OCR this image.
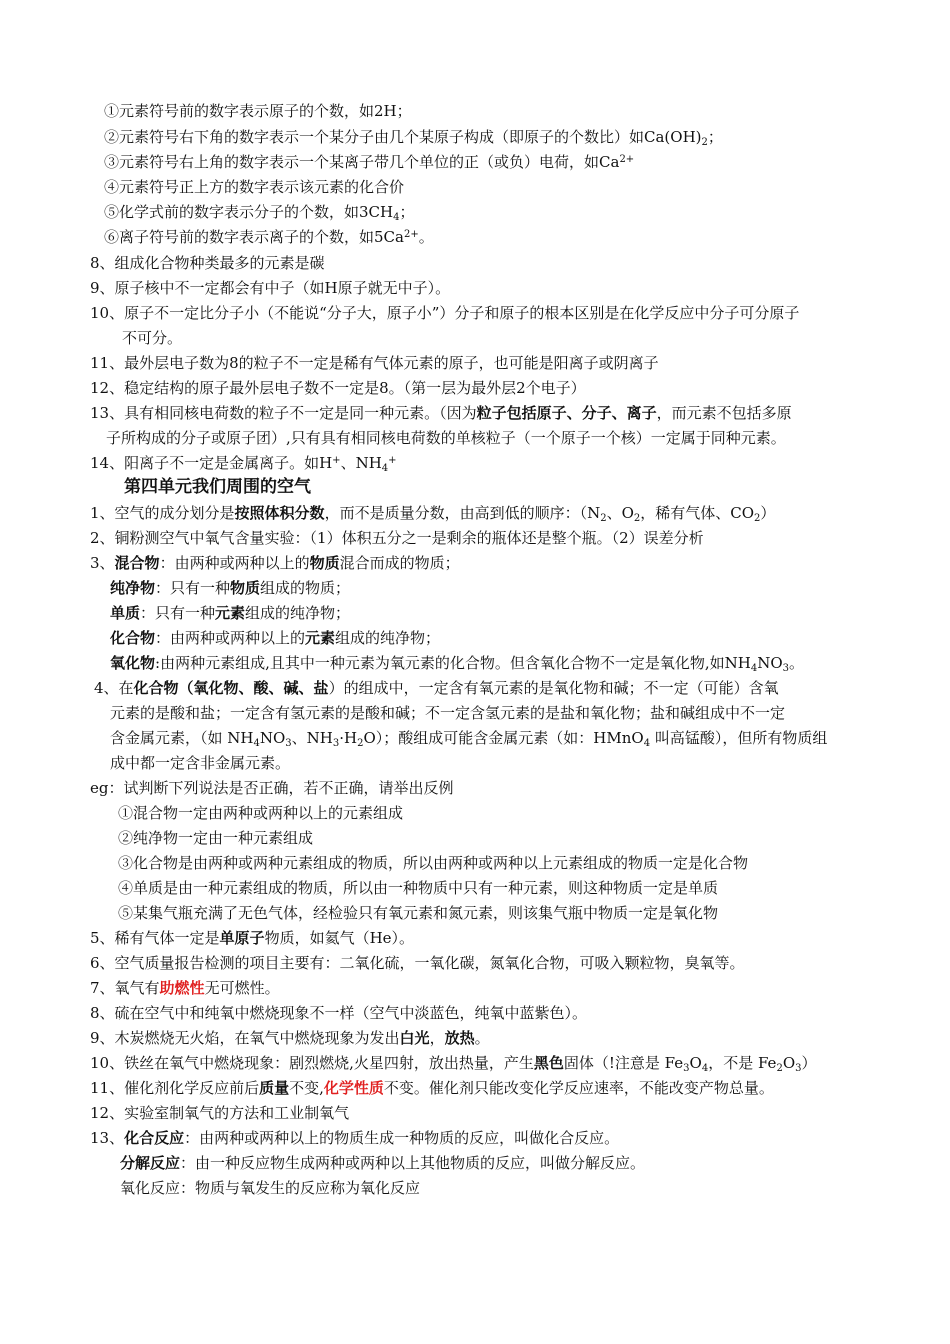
①元素符号前的数字表示原子的个数，如2H；
②元素符号右下角的数字表示一个某分子由几个某原子构成（即原子的个数比）如$Ca(OH)_2$；
③元素符号右上角的数字表示一个某离子带几个单位的正（或负）电荷，如$Ca^{2+}$
④元素符号正上方的数字表示该元素的化合价
⑤化学式前的数字表示分子的个数，如$3CH_4$；
⑥离子符号前的数字表示离子的个数，如$5Ca^{2+}$。
8、组成化合物种类最多的元素是碳
9、原子核中不一定都会有中子（如H原子就无中子）。
10、原子不一定比分子小（不能说“分子大，原子小”）分子和原子的根本区别是在化学反应中分子可分原子
不可分。
11、最外层电子数为8的粒子不一定是稀有气体元素的原子，也可能是阳离子或阴离子
12、稳定结构的原子最外层电子数不一定是8。（第一层为最外层2个电子）
13、具有相同核电荷数的粒子不一定是同一种元素。（因为粒子包括原子、分子、离子，而元素不包括多原
子所构成的分子或原子团）,只有具有相同核电荷数的单核粒子（一个原子一个核）一定属于同种元素。
14、阳离子不一定是金属离子。如H+、$NH_4^+$
第四单元我们周围的空气
1、空气的成分划分是按照体积分数，而不是质量分数，由高到低的顺序：（$N_2$、$O_2$，稀有气体、$CO_2$）
2、铜粉测空气中氧气含量实验：（1）体积五分之一是剩余的瓶体还是整个瓶。（2）误差分析
3、混合物：由两种或两种以上的物质混合而成的物质；
纯净物：只有一种物质组成的物质；
单质：只有一种元素组成的纯净物；
化合物：由两种或两种以上的元素组成的纯净物；
氧化物:由两种元素组成,且其中一种元素为氧元素的化合物。但含氧化合物不一定是氧化物,如$NH_4NO_3$。
4、在化合物（氧化物、酸、碱、盐）的组成中，一定含有氧元素的是氧化物和碱；不一定（可能）含氧
元素的是酸和盐；一定含有氢元素的是酸和碱；不一定含氢元素的是盐和氧化物；盐和碱组成中不一定
含金属元素，（如 $NH_4NO_3$、$NH_3\cdot H_2O$）；酸组成可能含金属元素（如：HMnO$_4$ 叫高锰酸），但所有物质组
成中都一定含非金属元素。
eg：试判断下列说法是否正确，若不正确，请举出反例
①混合物一定由两种或两种以上的元素组成
②纯净物一定由一种元素组成
③化合物是由两种或两种元素组成的物质，所以由两种或两种以上元素组成的物质一定是化合物
④单质是由一种元素组成的物质，所以由一种物质中只有一种元素，则这种物质一定是单质
⑤某集气瓶充满了无色气体，经检验只有氧元素和氮元素，则该集气瓶中物质一定是氧化物
5、稀有气体一定是单原子物质，如氦气（He）。
6、空气质量报告检测的项目主要有：二氧化硫，一氧化碳，氮氧化合物，可吸入颗粒物，臭氧等。
7、氧气有助燃性无可燃性。
8、硫在空气中和纯氧中燃烧现象不一样（空气中淡蓝色，纯氧中蓝紫色）。
9、木炭燃烧无火焰，在氧气中燃烧现象为发出白光，放热。
10、铁丝在氧气中燃烧现象：剧烈燃烧,火星四射，放出热量，产生黑色固体（!注意是 $Fe_3O_4$，不是 $Fe_2O_3$）
11、催化剂化学反应前后质量不变,化学性质不变。催化剂只能改变化学反应速率，不能改变产物总量。
12、实验室制氧气的方法和工业制氧气
13、化合反应：由两种或两种以上的物质生成一种物质的反应，叫做化合反应。
分解反应：由一种反应物生成两种或两种以上其他物质的反应，叫做分解反应。
氧化反应：物质与氧发生的反应称为氧化反应
